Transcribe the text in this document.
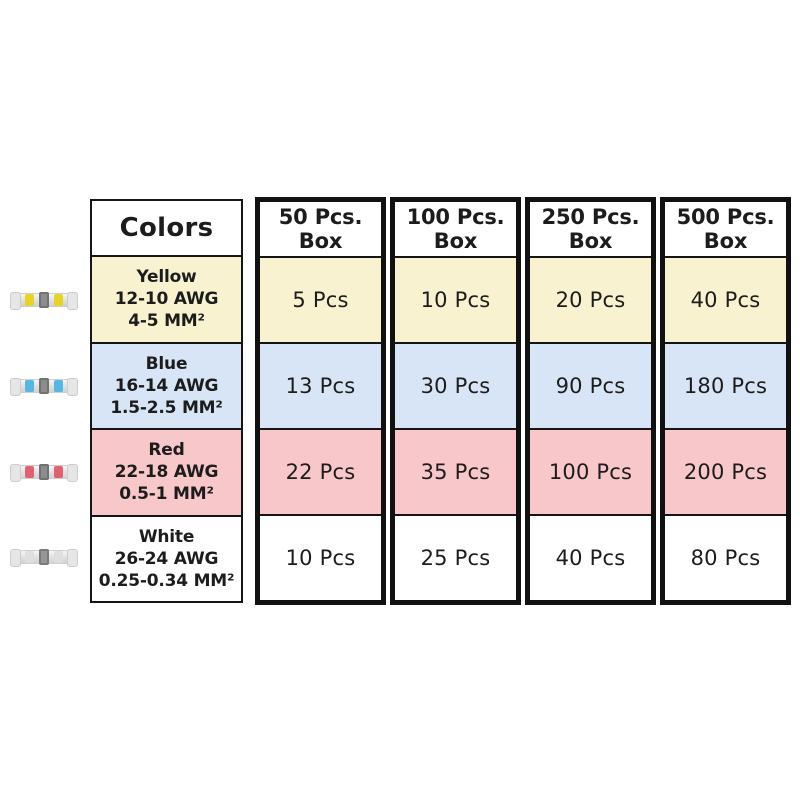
Colors
Yellow
12-10 AWG
4-5 MM²
Blue
16-14 AWG
1.5-2.5 MM²
Red
22-18 AWG
0.5-1 MM²
White
26-24 AWG
0.25-0.34 MM²
50 Pcs.
Box
5 Pcs
13 Pcs
22 Pcs
10 Pcs
100 Pcs.
Box
10 Pcs
30 Pcs
35 Pcs
25 Pcs
250 Pcs.
Box
20 Pcs
90 Pcs
100 Pcs
40 Pcs
500 Pcs.
Box
40 Pcs
180 Pcs
200 Pcs
80 Pcs
